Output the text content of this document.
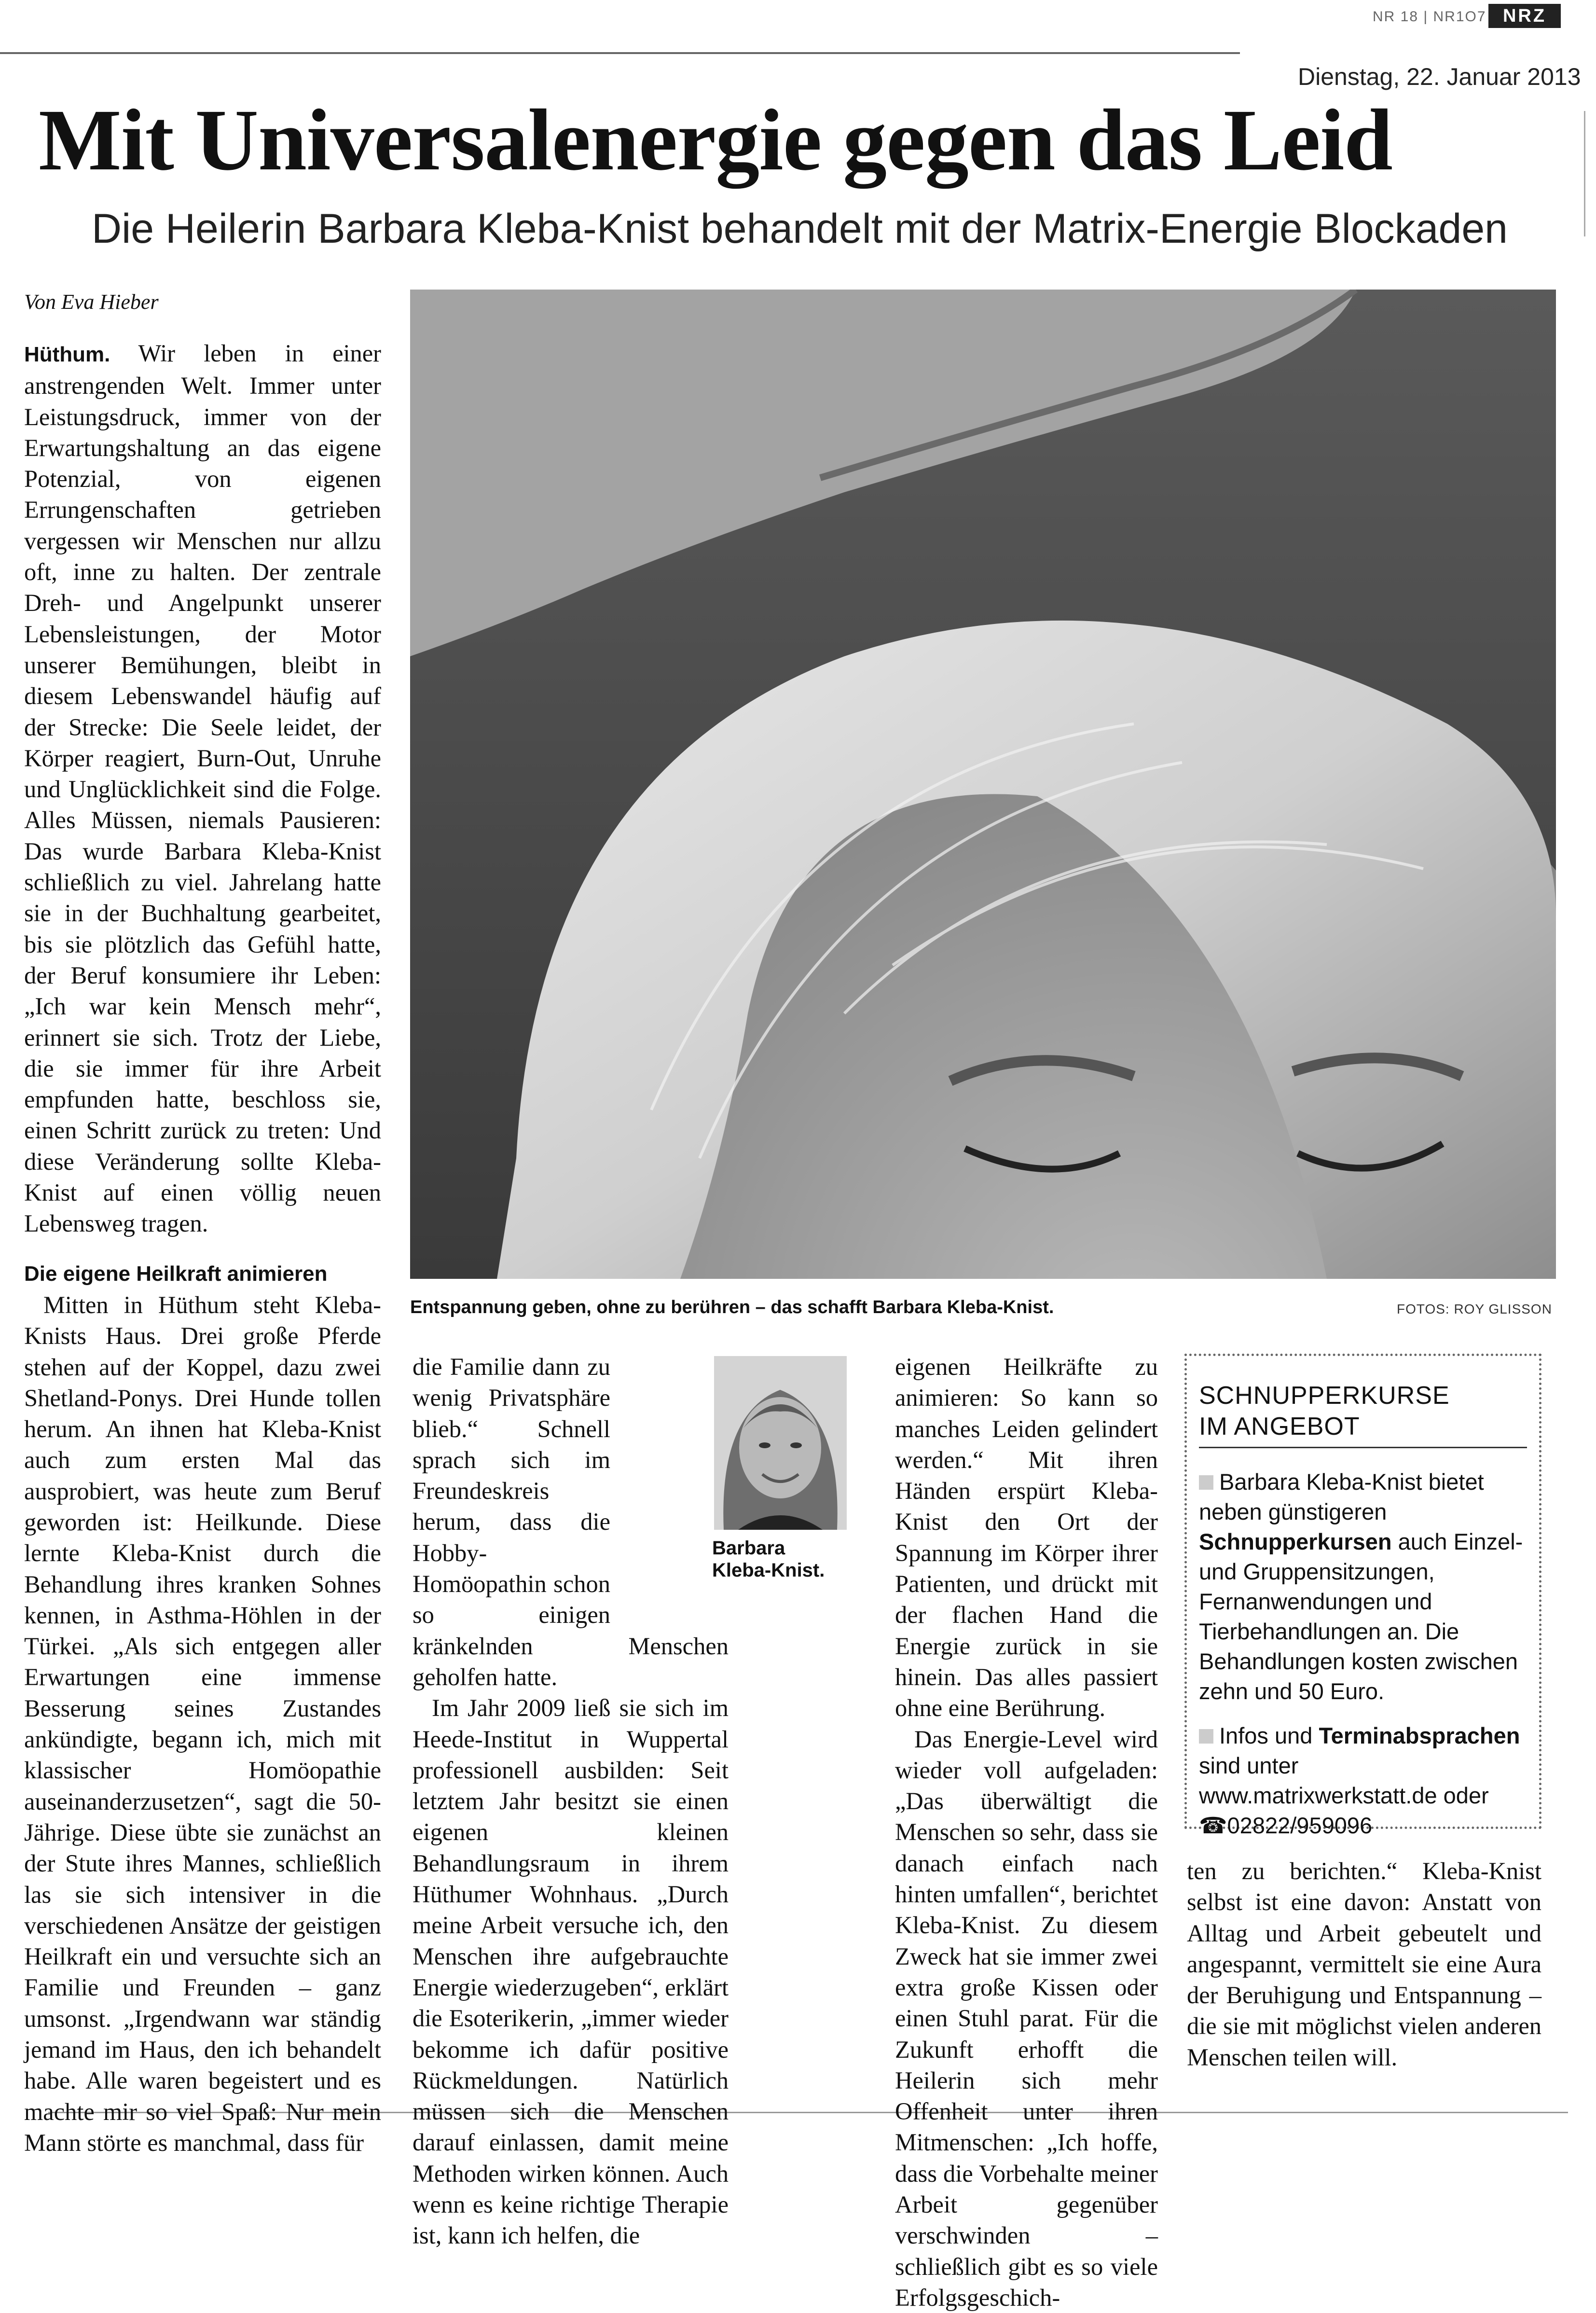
NR 18 | NR1O7 NRZ
Dienstag, 22. Januar 2013
Mit Universalenergie gegen das Leid
Die Heilerin Barbara Kleba-Knist behandelt mit der Matrix-Energie Blockaden
Von Eva Hieber
Entspannung geben, ohne zu berühren – das schafft Barbara Kleba-Knist.	FOTOS: ROY GLISSON

Hüthum. Wir leben in einer anstrengenden Welt. Immer unter Leistungsdruck, immer von der Erwartungshaltung an das eigene Potenzial, von eigenen Errungenschaften getrieben vergessen wir Menschen nur allzu oft, inne zu halten. Der zentrale Dreh- und Angelpunkt unserer Lebensleistungen, der Motor unserer Bemühungen, bleibt in diesem Lebenswandel häufig auf der Strecke: Die Seele leidet, der Körper reagiert, Burn-Out, Unruhe und Unglücklichkeit sind die Folge. Alles Müssen, niemals Pausieren: Das wurde Barbara Kleba-Knist schließlich zu viel. Jahrelang hatte sie in der Buchhaltung gearbeitet, bis sie plötzlich das Gefühl hatte, der Beruf konsumiere ihr Leben: „Ich war kein Mensch mehr“, erinnert sie sich. Trotz der Liebe, die sie immer für ihre Arbeit empfunden hatte, beschloss sie, einen Schritt zurück zu treten: Und diese Veränderung sollte Kleba-Knist auf einen völlig neuen Lebensweg tragen.

Die eigene Heilkraft animieren

Mitten in Hüthum steht Kleba-Knists Haus. Drei große Pferde stehen auf der Koppel, dazu zwei Shetland-Ponys. Drei Hunde tollen herum. An ihnen hat Kleba-Knist auch zum ersten Mal das ausprobiert, was heute zum Beruf geworden ist: Heilkunde. Diese lernte Kleba-Knist durch die Behandlung ihres kranken Sohnes kennen, in Asthma-Höhlen in der Türkei. „Als sich entgegen aller Erwartungen eine immense Besserung seines Zustandes ankündigte, begann ich, mich mit klassischer Homöopathie auseinanderzusetzen“, sagt die 50-Jährige. Diese übte sie zunächst an der Stute ihres Mannes, schließlich las sie sich intensiver in die verschiedenen Ansätze der geistigen Heilkraft ein und versuchte sich an Familie und Freunden – ganz umsonst. „Irgendwann war ständig jemand im Haus, den ich behandelt habe. Alle waren begeistert und es machte mir so viel Spaß: Nur mein Mann störte es manchmal, dass für

Barbara
Kleba-Knist.

die Familie dann zu wenig Privatsphäre blieb.“ Schnell sprach sich im Freundeskreis herum, dass die Hobby-Homöopathin schon so einigen kränkelnden Menschen geholfen hatte.

Im Jahr 2009 ließ sie sich im Heede-Institut in Wuppertal professionell ausbilden: Seit letztem Jahr besitzt sie einen eigenen kleinen Behandlungsraum in ihrem Hüthumer Wohnhaus. „Durch meine Arbeit versuche ich, den Menschen ihre aufgebrauchte Energie wiederzugeben“, erklärt die Esoterikerin, „immer wieder bekomme ich dafür positive Rückmeldungen. Natürlich müssen sich die Menschen darauf einlassen, damit meine Methoden wirken können. Auch wenn es keine richtige Therapie ist, kann ich helfen, die

eigenen Heilkräfte zu animieren: So kann so manches Leiden gelindert werden.“ Mit ihren Händen erspürt Kleba-Knist den Ort der Spannung im Körper ihrer Patienten, und drückt mit der flachen Hand die Energie zurück in sie hinein. Das alles passiert ohne eine Berührung.

Das Energie-Level wird wieder voll aufgeladen: „Das überwältigt die Menschen so sehr, dass sie danach einfach nach hinten umfallen“, berichtet Kleba-Knist. Zu diesem Zweck hat sie immer zwei extra große Kissen oder einen Stuhl parat. Für die Zukunft erhofft die Heilerin sich mehr Offenheit unter ihren Mitmenschen: „Ich hoffe, dass die Vorbehalte meiner Arbeit gegenüber verschwinden – schließlich gibt es so viele Erfolgsgeschich-

SCHNUPPERKURSE
IM ANGEBOT

Barbara Kleba-Knist bietet neben günstigeren Schnupperkursen auch Einzel- und Gruppensitzungen, Fernanwendungen und Tierbehandlungen an. Die Behandlungen kosten zwischen zehn und 50 Euro.

Infos und Terminabsprachen sind unter www.matrixwerkstatt.de oder ☎02822/959096

ten zu berichten.“ Kleba-Knist selbst ist eine davon: Anstatt von Alltag und Arbeit gebeutelt und angespannt, vermittelt sie eine Aura der Beruhigung und Entspannung – die sie mit möglichst vielen anderen Menschen teilen will.
